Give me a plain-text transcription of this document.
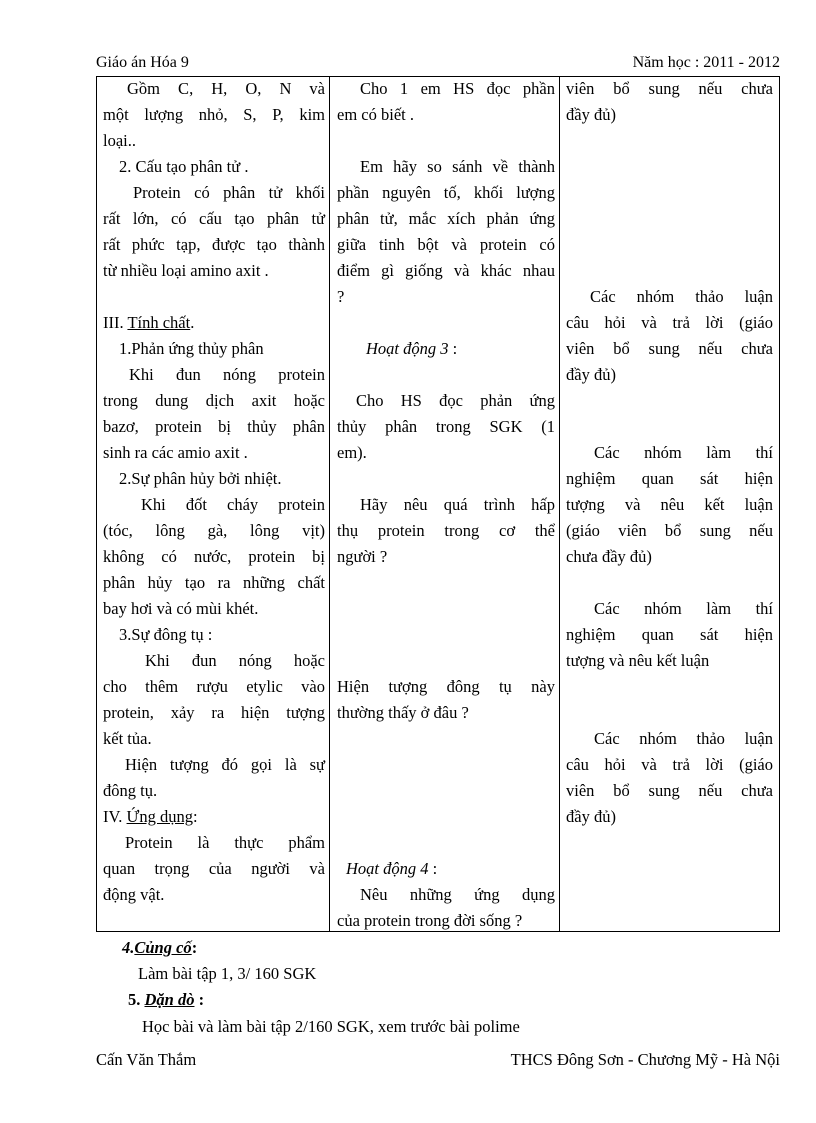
Giáo án Hóa 9	Năm học : 2011 - 2012
Gồm C, H, O, N và
một lượng nhỏ, S, P, kim
loại..
2. Cấu tạo phân tử .
Protein có phân tử khối
rất lớn, có cấu tạo phân tử
rất phức tạp, được tạo thành
từ nhiều loại amino axit .
III. Tính chất.
1.Phản ứng thủy phân
Khi đun nóng protein
trong dung dịch axit hoặc
bazơ, protein bị thủy phân
sinh ra các amio axit .
2.Sự phân hủy bởi nhiệt.
Khi đốt cháy protein
(tóc, lông gà, lông vịt)
không có nước, protein bị
phân hủy tạo ra những chất
bay hơi và có mùi khét.
3.Sự đông tụ :
Khi đun nóng hoặc
cho thêm rượu etylic vào
protein, xảy ra hiện tượng
kết tủa.
Hiện tượng đó gọi là sự
đông tụ.
IV. Ứng dụng:
Protein là thực phẩm
quan trọng của người và
động vật.
Cho 1 em HS đọc phần
em có biết .
Em hãy so sánh về thành
phần nguyên tố, khối lượng
phân tử, mắc xích phản ứng
giữa tinh bột và protein có
điểm gì giống và khác nhau
?
Hoạt động 3 :
Cho HS đọc phản ứng
thủy phân trong SGK (1
em).
Hãy nêu quá trình hấp
thụ protein trong cơ thể
người ?
Hiện tượng đông tụ này
thường thấy ở đâu ?
Hoạt động 4 :
Nêu những ứng dụng
của protein trong đời sống ?
viên bổ sung nếu chưa
đầy đủ)
Các nhóm thảo luận
câu hỏi và trả lời (giáo
viên bổ sung nếu chưa
đầy đủ)
Các nhóm làm thí
nghiệm quan sát hiện
tượng và nêu kết luận
(giáo viên bổ sung nếu
chưa đầy đủ)
Các nhóm làm thí
nghiệm quan sát hiện
tượng và nêu kết luận
Các nhóm thảo luận
câu hỏi và trả lời (giáo
viên bổ sung nếu chưa
đầy đủ)
4.Củng cố:
Làm bài tập 1, 3/ 160 SGK
5. Dặn dò :
Học bài và làm bài tập 2/160 SGK, xem trước bài polime
Cấn Văn Thắm	THCS Đông Sơn - Chương Mỹ - Hà Nội
